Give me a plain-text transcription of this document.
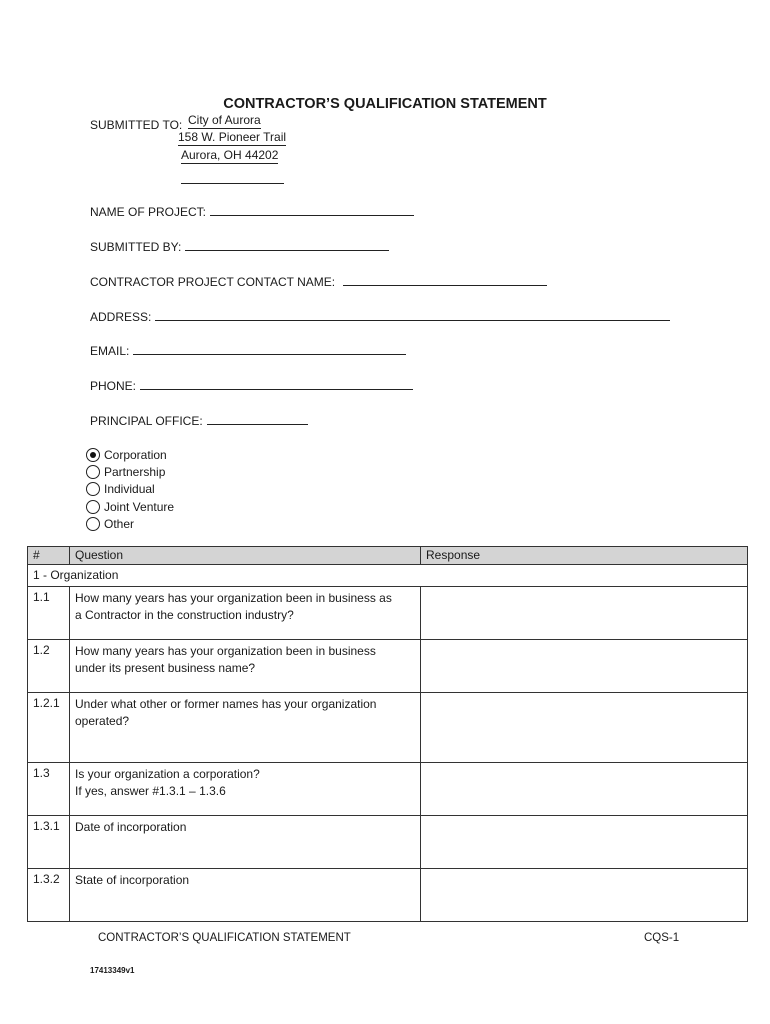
CONTRACTOR’S QUALIFICATION STATEMENT
SUBMITTED TO: City of Aurora
158 W. Pioneer Trail
Aurora, OH 44202
NAME OF PROJECT:
SUBMITTED BY:
CONTRACTOR PROJECT CONTACT NAME:
ADDRESS:
EMAIL:
PHONE:
PRINCIPAL OFFICE:
Corporation
Partnership
Individual
Joint Venture
Other
#	Question	Response
1 - Organization		
1.1	How many years has your organization been in business as
a Contractor in the construction industry?	

1.2	How many years has your organization been in business
under its present business name?	

1.2.1	Under what other or former names has your organization
operated?	

1.3	Is your organization a corporation?
If yes, answer #1.3.1 – 1.3.6	

1.3.1	Date of incorporation	

1.3.2	State of incorporation	

CONTRACTOR’S QUALIFICATION STATEMENT	CQS-1
17413349v1
